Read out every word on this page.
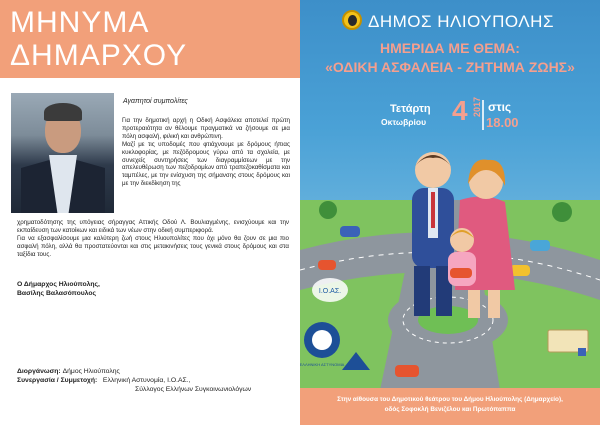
ΜΗΝΥΜΑ
ΔΗΜΑΡΧΟΥ
Αγαπητοί συμπολίτες

Για την δημοτική αρχή η Οδική Ασφάλεια αποτελεί πρώτη προτεραιότητα αν θέλουμε πραγματικά να ζήσουμε σε μια πόλη ασφαλή, φιλική και ανθρώπινη.

Μαζί με τις υποδομές που φτιάχνουμε με δρόμους ήπιας κυκλοφορίας, με πεζόδρομους γύρω από τα σχολεία, με συνεχείς συντηρήσεις των διαγραμμίσεων με την απελευθέρωση των πεζοδρομίων από τραπεζοκαθίσματα και ταμπέλες, με την ενίσχυση της σήμανσης στους δρόμους και με την διεκδίκηση της

χρηματοδότησης της υπόγειας σήραγγας Αττικής Οδού Λ. Βουλιαγμένης, ενισχύουμε και την εκπαίδευση των κατοίκων και ειδικά των νέων στην οδική συμπεριφορά.

Για να εξασφαλίσουμε μια καλύτερη ζωή στους Ηλιουπολίτες που όχι μόνο θα ζουν σε μια πιο ασφαλή πόλη, αλλά θα προστατεύονται και στις μετακινήσεις τους γενικά στους δρόμους και στα ταξίδια τους.

Ο Δήμαρχος Ηλιούπολης,
Βασίλης Βαλασόπουλος
Διοργάνωση:
Δήμος Ηλιούπολης
Συνεργασία / Συμμετοχή:
Ελληνική Αστυνομία, Ι.Ο.ΑΣ.,
Σύλλογος Ελλήνων Συγκοινωνιολόγων
ΔΗΜΟΣ ΗΛΙΟΥΠΟΛΗΣ
ΗΜΕΡΙΔΑ ΜΕ ΘΕΜΑ:
«ΟΔΙΚΗ ΑΣΦΑΛΕΙΑ - ΖΗΤΗΜΑ ΖΩΗΣ»
Τετάρτη
Οκτωβρίου 4 2017 στις
18.00
Ι.Ο.ΑΣ.
ΕΛΛΗΝΙΚΗ ΑΣΤΥΝΟΜΙΑ
Στην αίθουσα του Δημοτικού θεάτρου του Δήμου Ηλιούπολης (Δημαρχείο),
οδός Σοφοκλή Βενιζέλου και Πρωτόπαππα
